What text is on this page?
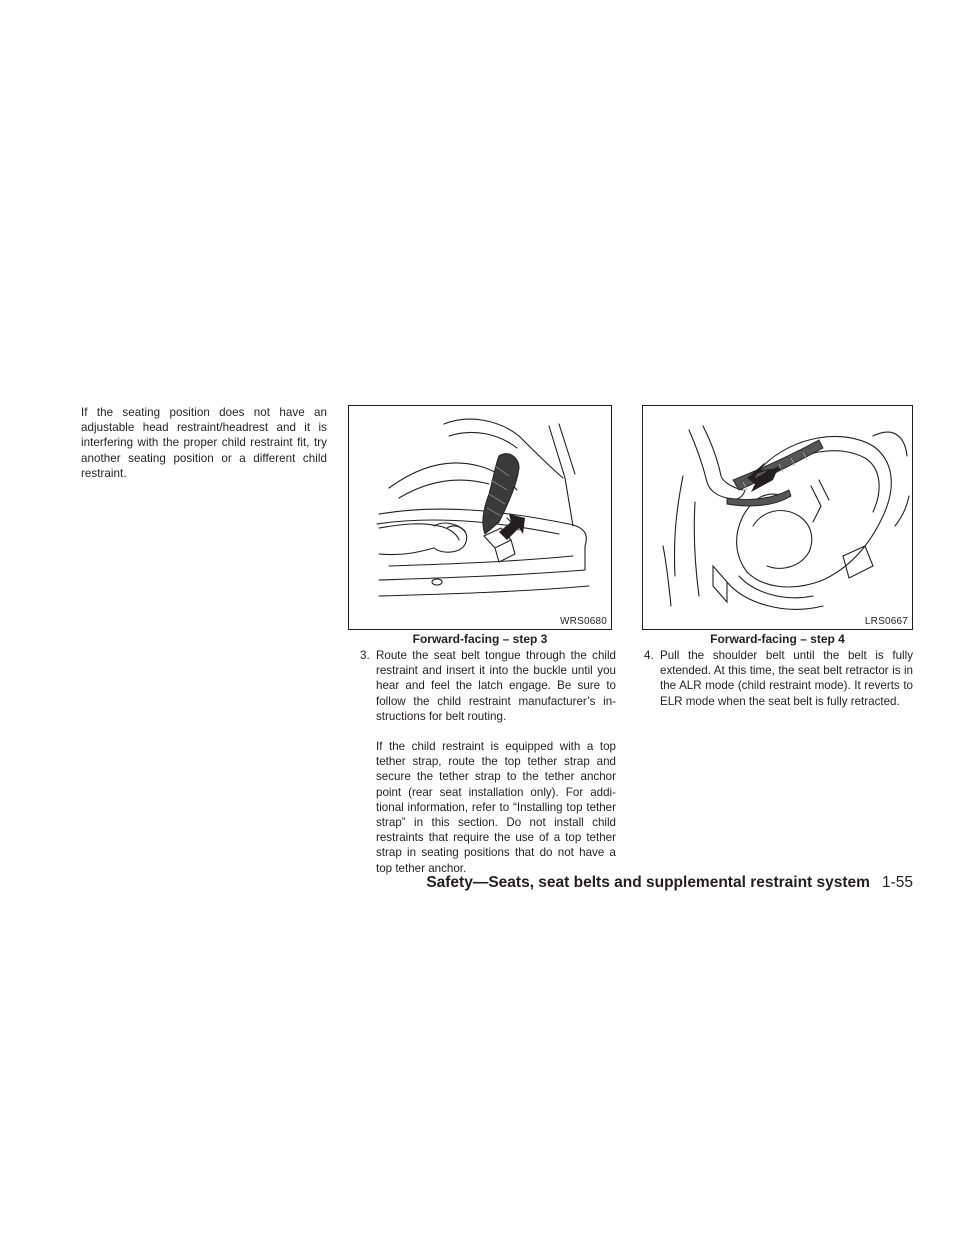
If the seating position does not have an adjustable head restraint/headrest and it is interfering with the proper child restraint fit, try another seating position or a different child restraint.
WRS0680
Forward-facing – step 3
LRS0667
Forward-facing – step 4
3. Route the seat belt tongue through the child restraint and insert it into the buckle until you hear and feel the latch engage. Be sure to follow the child restraint manufacturer’s in-structions for belt routing.
If the child restraint is equipped with a top tether strap, route the top tether strap and secure the tether strap to the tether anchor point (rear seat installation only). For addi-tional information, refer to “Installing top tether strap” in this section. Do not install child restraints that require the use of a top tether strap in seating positions that do not have a top tether anchor.
4. Pull the shoulder belt until the belt is fully extended. At this time, the seat belt retractor is in the ALR mode (child restraint mode). It reverts to ELR mode when the seat belt is fully retracted.
Safety—Seats, seat belts and supplemental restraint system 1-55
